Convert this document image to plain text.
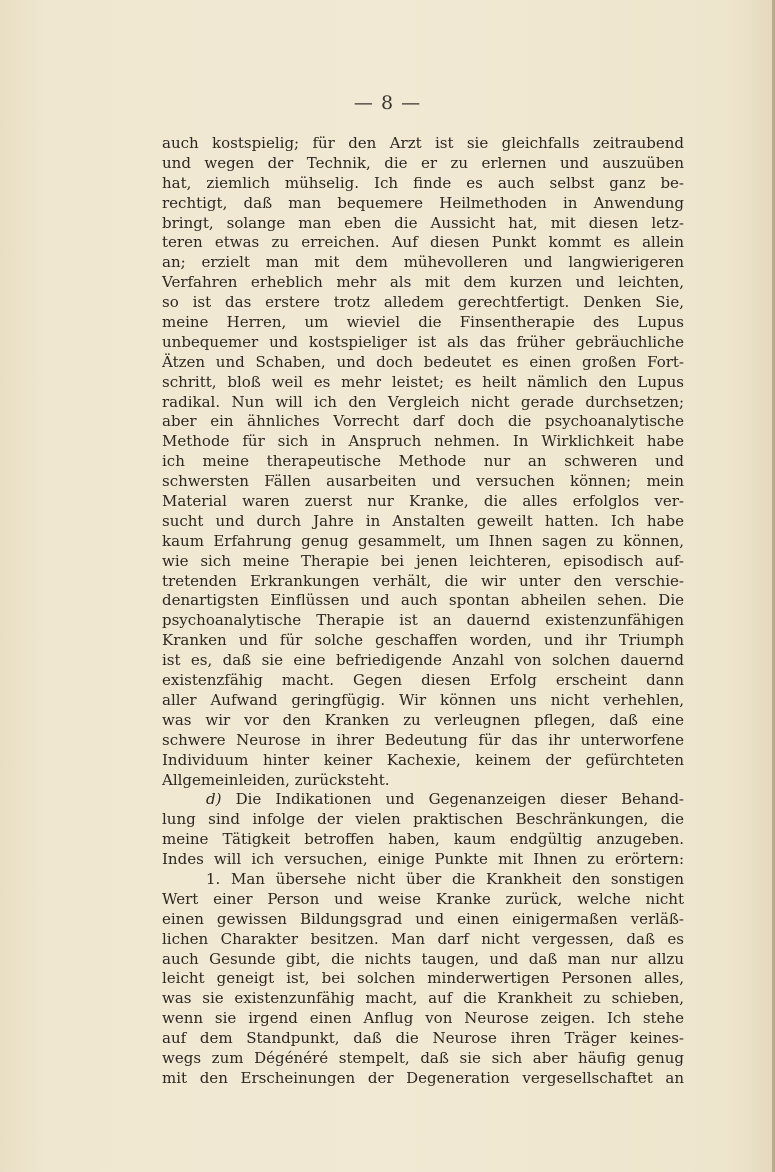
— 8 —
auch kostspielig; für den Arzt ist sie gleichfalls zeitraubend
und wegen der Technik, die er zu erlernen und auszuüben
hat, ziemlich mühselig. Ich finde es auch selbst ganz be-
rechtigt, daß man bequemere Heilmethoden in Anwendung
bringt, solange man eben die Aussicht hat, mit diesen letz-
teren etwas zu erreichen. Auf diesen Punkt kommt es allein
an; erzielt man mit dem mühevolleren und langwierigeren
Verfahren erheblich mehr als mit dem kurzen und leichten,
so ist das erstere trotz alledem gerechtfertigt. Denken Sie,
meine Herren, um wieviel die Finsentherapie des Lupus
unbequemer und kostspieliger ist als das früher gebräuchliche
Ätzen und Schaben, und doch bedeutet es einen großen Fort-
schritt, bloß weil es mehr leistet; es heilt nämlich den Lupus
radikal. Nun will ich den Vergleich nicht gerade durchsetzen;
aber ein ähnliches Vorrecht darf doch die psychoanalytische
Methode für sich in Anspruch nehmen. In Wirklichkeit habe
ich meine therapeutische Methode nur an schweren und
schwersten Fällen ausarbeiten und versuchen können; mein
Material waren zuerst nur Kranke, die alles erfolglos ver-
sucht und durch Jahre in Anstalten geweilt hatten. Ich habe
kaum Erfahrung genug gesammelt, um Ihnen sagen zu können,
wie sich meine Therapie bei jenen leichteren, episodisch auf-
tretenden Erkrankungen verhält, die wir unter den verschie-
denartigsten Einflüssen und auch spontan abheilen sehen. Die
psychoanalytische Therapie ist an dauernd existenzunfähigen
Kranken und für solche geschaffen worden, und ihr Triumph
ist es, daß sie eine befriedigende Anzahl von solchen dauernd
existenzfähig macht. Gegen diesen Erfolg erscheint dann
aller Aufwand geringfügig. Wir können uns nicht verhehlen,
was wir vor den Kranken zu verleugnen pflegen, daß eine
schwere Neurose in ihrer Bedeutung für das ihr unterworfene
Individuum hinter keiner Kachexie, keinem der gefürchteten
Allgemeinleiden, zurücksteht.
d) Die Indikationen und Gegenanzeigen dieser Behand-
lung sind infolge der vielen praktischen Beschränkungen, die
meine Tätigkeit betroffen haben, kaum endgültig anzugeben.
Indes will ich versuchen, einige Punkte mit Ihnen zu erörtern:
1. Man übersehe nicht über die Krankheit den sonstigen
Wert einer Person und weise Kranke zurück, welche nicht
einen gewissen Bildungsgrad und einen einigermaßen verläß-
lichen Charakter besitzen. Man darf nicht vergessen, daß es
auch Gesunde gibt, die nichts taugen, und daß man nur allzu
leicht geneigt ist, bei solchen minderwertigen Personen alles,
was sie existenzunfähig macht, auf die Krankheit zu schieben,
wenn sie irgend einen Anflug von Neurose zeigen. Ich stehe
auf dem Standpunkt, daß die Neurose ihren Träger keines-
wegs zum Dégénéré stempelt, daß sie sich aber häufig genug
mit den Erscheinungen der Degeneration vergesellschaftet an
